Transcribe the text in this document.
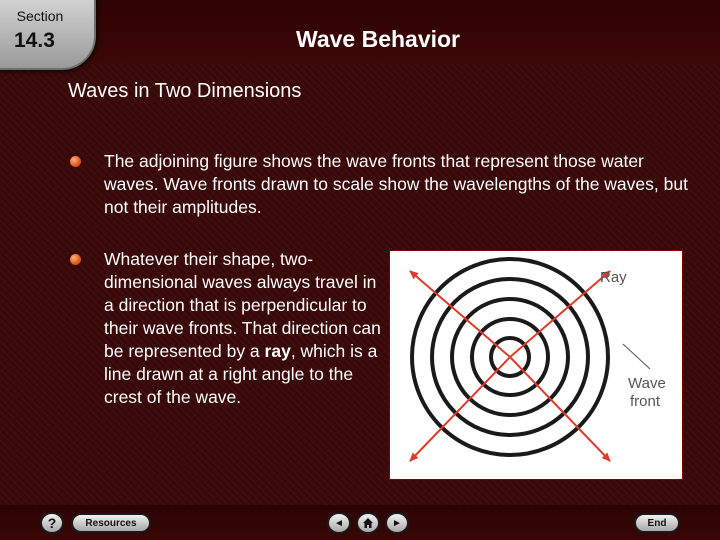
Section
14.3	Wave Behavior
Waves in Two Dimensions
The adjoining figure shows the wave fronts that represent those water waves. Wave fronts drawn to scale show the wavelengths of the waves, but not their amplitudes.
Whatever their shape, two-dimensional waves always travel in a direction that is perpendicular to their wave fronts. That direction can be represented by a ray, which is a line drawn at a right angle to the crest of the wave.
Ray
Wave
front
?	Resources	◄	►	End
